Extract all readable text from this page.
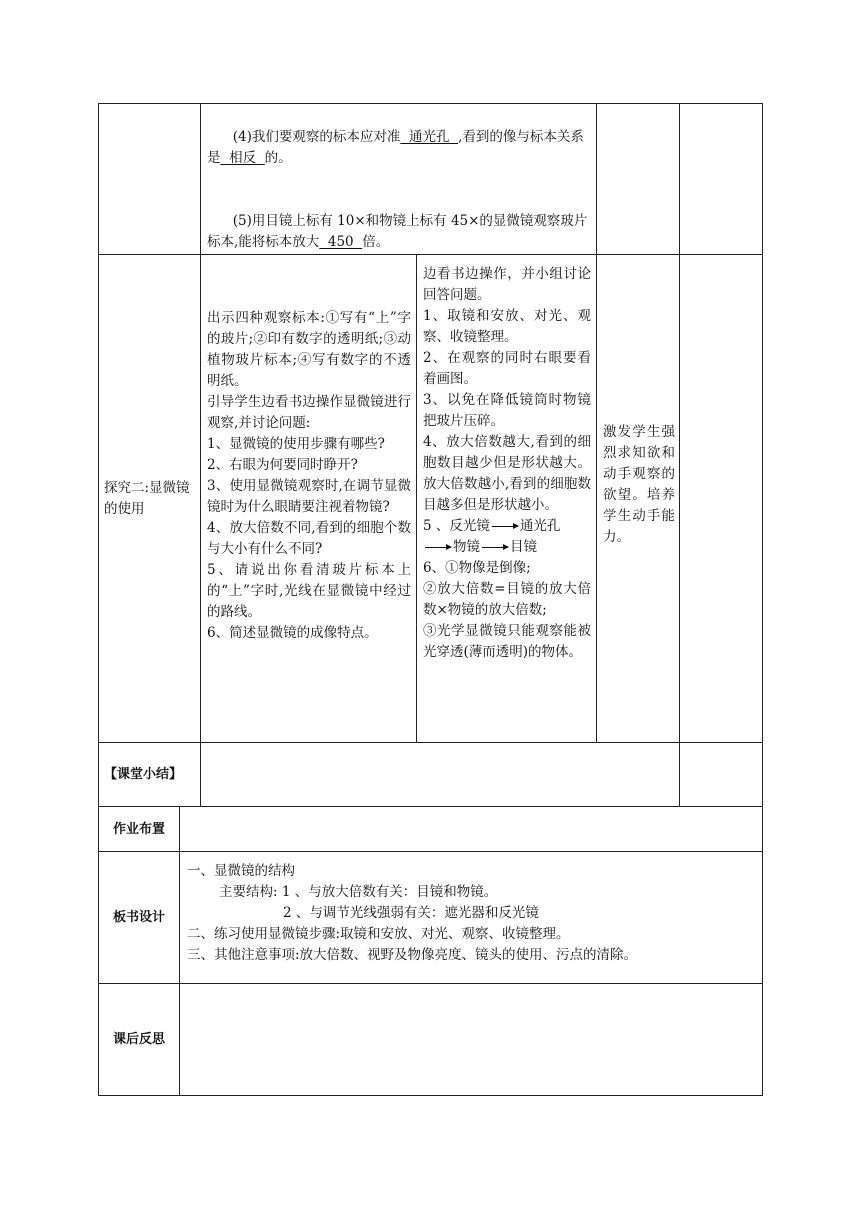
(4)我们要观察的标本应对准  通光孔  ,看到的像与标本关系是  相反  的。

(5)用目镜上标有 10×和物镜上标有 45×的显微镜观察玻片标本,能将标本放大  450  倍。

探究二:显微镜的使用

出示四种观察标本:①写有“上”字的玻片;②印有数字的透明纸;③动植物玻片标本;④写有数字的不透明纸。

引导学生边看书边操作显微镜进行观察,并讨论问题:

1、显微镜的使用步骤有哪些?

2、右眼为何要同时睁开?

3、使用显微镜观察时,在调节显微镜时为什么眼睛要注视着物镜?

4、放大倍数不同,看到的细胞个数与大小有什么不同?

5、请说出你看清玻片标本上的“上”字时,光线在显微镜中经过的路线。

6、简述显微镜的成像特点。

边看书边操作，并小组讨论回答问题。

1、取镜和安放、对光、观察、收镜整理。

2、在观察的同时右眼要看着画图。

3、以免在降低镜筒时物镜把玻片压碎。

4、放大倍数越大,看到的细胞数目越少但是形状越大。放大倍数越小,看到的细胞数目越多但是形状越小。

5 、反光镜 通光孔

物镜 目镜

6、①物像是倒像;

②放大倍数=目镜的放大倍数×物镜的放大倍数;

③光学显微镜只能观察能被光穿透(薄而透明)的物体。

激发学生强烈求知欲和动手观察的欲望。培养学生动手能力。

【课堂小结】
作业布置
板书设计

一、显微镜的结构

主要结构: 1 、与放大倍数有关：目镜和物镜。

2 、与调节光线强弱有关：遮光器和反光镜

二、练习使用显微镜步骤:取镜和安放、对光、观察、收镜整理。

三、其他注意事项:放大倍数、视野及物像亮度、镜头的使用、污点的清除。

课后反思
